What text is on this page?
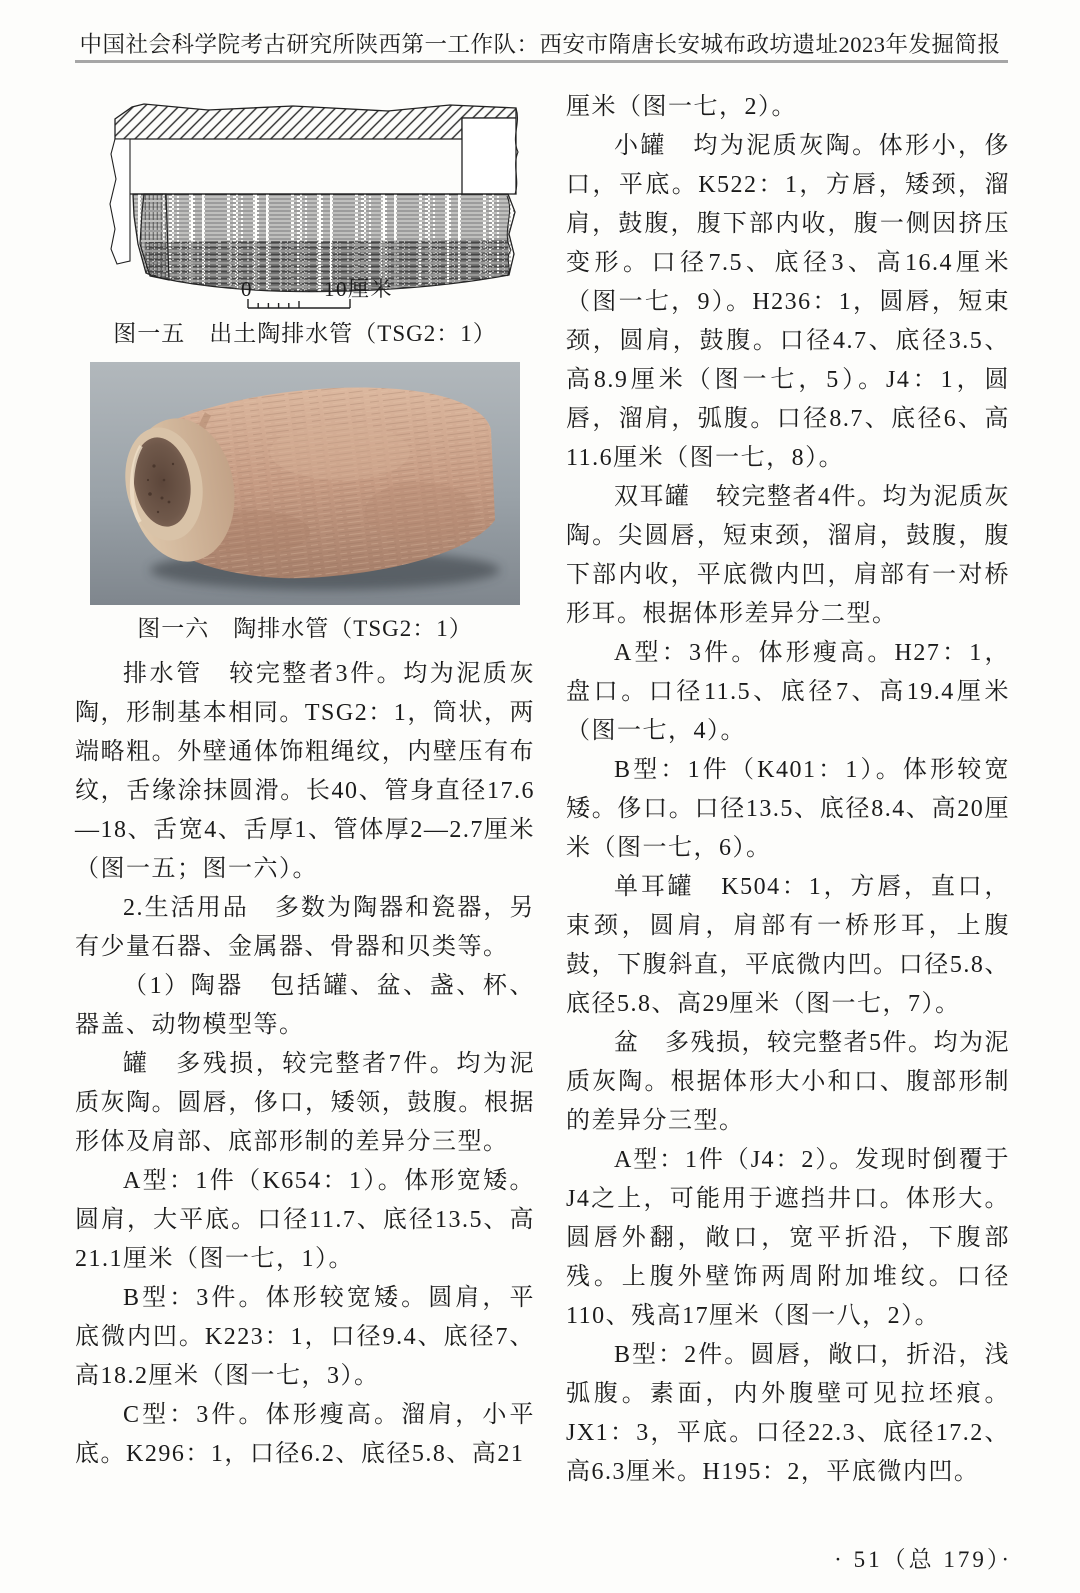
中国社会科学院考古研究所陕西第一工作队：西安市隋唐长安城布政坊遗址2023年发掘简报
0	10厘米
图一五　出土陶排水管（TSG2：1）
图一六　陶排水管（TSG2：1）

排水管　较完整者3件。均为泥质灰陶，形制基本相同。TSG2：1，筒状，两端略粗。外壁通体饰粗绳纹，内壁压有布纹，舌缘涂抹圆滑。长40、管身直径17.6—18、舌宽4、舌厚1、管体厚2—2.7厘米（图一五；图一六）。

2.生活用品　多数为陶器和瓷器，另有少量石器、金属器、骨器和贝类等。

（1）陶器　包括罐、盆、盏、杯、器盖、动物模型等。

罐　多残损，较完整者7件。均为泥质灰陶。圆唇，侈口，矮领，鼓腹。根据形体及肩部、底部形制的差异分三型。

A型：1件（K654：1）。体形宽矮。圆肩，大平底。口径11.7、底径13.5、高21.1厘米（图一七，1）。

B型：3件。体形较宽矮。圆肩，平底微内凹。K223：1，口径9.4、底径7、高18.2厘米（图一七，3）。

C型：3件。体形瘦高。溜肩，小平底。K296：1，口径6.2、底径5.8、高21

厘米（图一七，2）。

小罐　均为泥质灰陶。体形小，侈口，平底。K522：1，方唇，矮颈，溜肩，鼓腹，腹下部内收，腹一侧因挤压变形。口径7.5、底径3、高16.4厘米（图一七，9）。H236：1，圆唇，短束颈，圆肩，鼓腹。口径4.7、底径3.5、高8.9厘米（图一七，5）。J4：1，圆唇，溜肩，弧腹。口径8.7、底径6、高11.6厘米（图一七，8）。

双耳罐　较完整者4件。均为泥质灰陶。尖圆唇，短束颈，溜肩，鼓腹，腹下部内收，平底微内凹，肩部有一对桥形耳。根据体形差异分二型。

A型：3件。体形瘦高。H27：1，盘口。口径11.5、底径7、高19.4厘米（图一七，4）。

B型：1件（K401：1）。体形较宽矮。侈口。口径13.5、底径8.4、高20厘米（图一七，6）。

单耳罐　K504：1，方唇，直口，束颈，圆肩，肩部有一桥形耳，上腹鼓，下腹斜直，平底微内凹。口径5.8、底径5.8、高29厘米（图一七，7）。

盆　多残损，较完整者5件。均为泥质灰陶。根据体形大小和口、腹部形制的差异分三型。

A型：1件（J4：2）。发现时倒覆于J4之上，可能用于遮挡井口。体形大。圆唇外翻，敞口，宽平折沿，下腹部残。上腹外壁饰两周附加堆纹。口径110、残高17厘米（图一八，2）。

B型：2件。圆唇，敞口，折沿，浅弧腹。素面，内外腹壁可见拉坯痕。JX1：3，平底。口径22.3、底径17.2、高6.3厘米。H195：2，平底微内凹。

· 51（总 179）·
